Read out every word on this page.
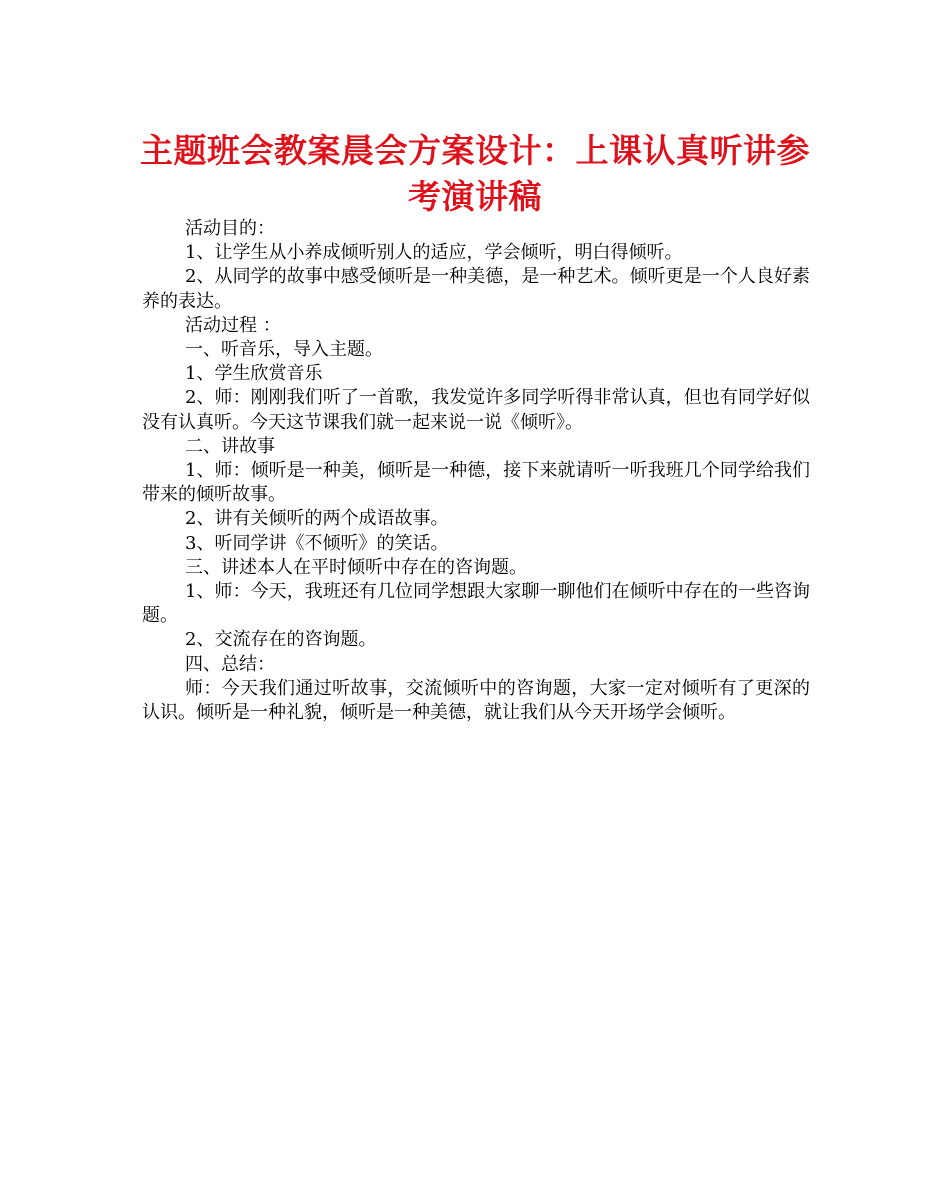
主题班会教案晨会方案设计：上课认真听讲参考演讲稿

活动目的：

1、让学生从小养成倾听别人的适应，学会倾听，明白得倾听。

2、从同学的故事中感受倾听是一种美德，是一种艺术。倾听更是一个人良好素养的表达。

活动过程 ：

一、听音乐，导入主题。

1、学生欣赏音乐

2、师：刚刚我们听了一首歌，我发觉许多同学听得非常认真，但也有同学好似没有认真听。今天这节课我们就一起来说一说《倾听》。

二、讲故事

1、师：倾听是一种美，倾听是一种德，接下来就请听一听我班几个同学给我们带来的倾听故事。

2、讲有关倾听的两个成语故事。

3、听同学讲《不倾听》的笑话。

三、讲述本人在平时倾听中存在的咨询题。

1、师：今天，我班还有几位同学想跟大家聊一聊他们在倾听中存在的一些咨询题。

2、交流存在的咨询题。

四、总结：

师：今天我们通过听故事，交流倾听中的咨询题，大家一定对倾听有了更深的认识。倾听是一种礼貌，倾听是一种美德，就让我们从今天开场学会倾听。
